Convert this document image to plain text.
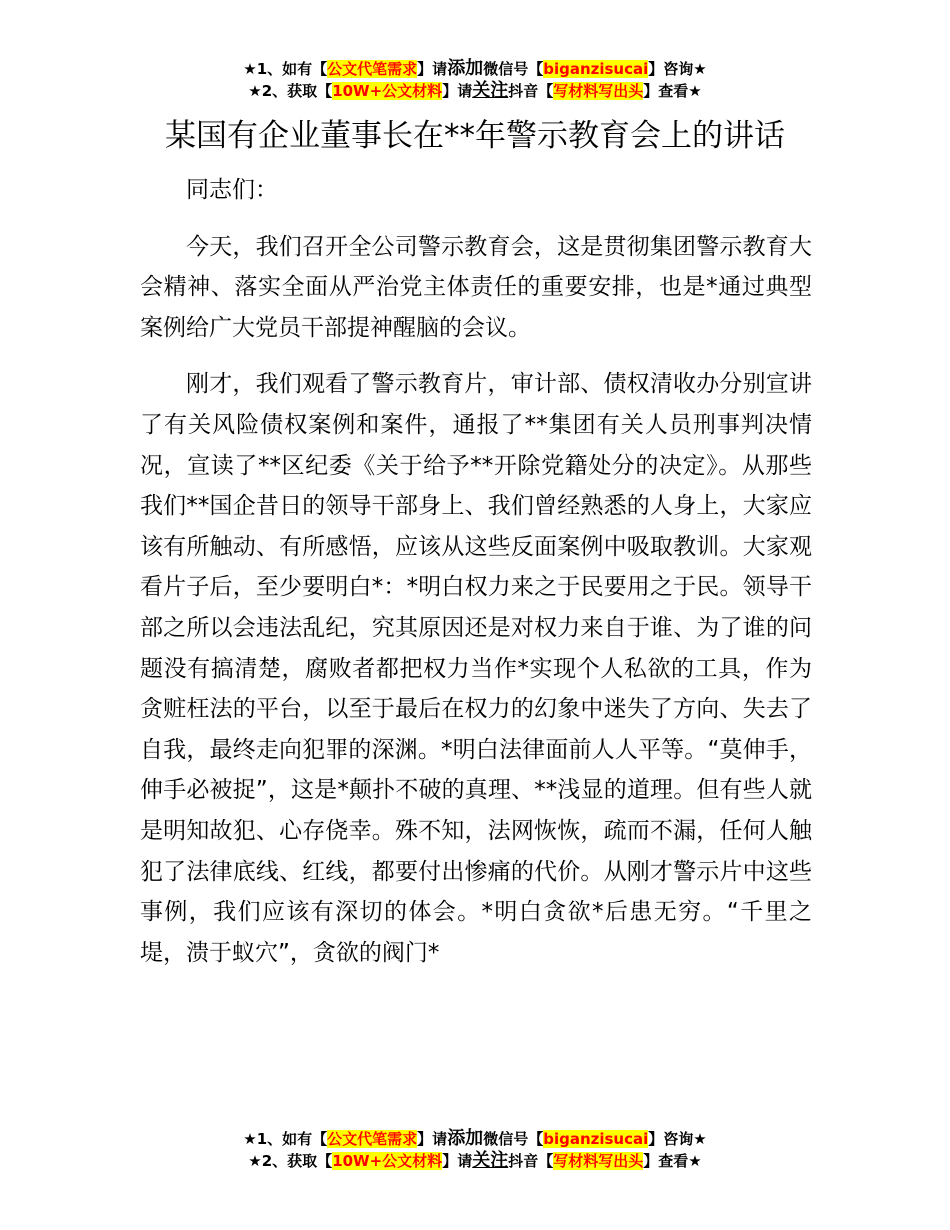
★1、如有【公文代笔需求】请添加微信号【biganzisucai】咨询★
★2、获取【10W+公文材料】请关注抖音【写材料写出头】查看★
某国有企业董事长在**年警示教育会上的讲话

同志们：

今天，我们召开全公司警示教育会，这是贯彻集团警示教育大会精神、落实全面从严治党主体责任的重要安排，也是*通过典型案例给广大党员干部提神醒脑的会议。

刚才，我们观看了警示教育片，审计部、债权清收办分别宣讲了有关风险债权案例和案件，通报了**集团有关人员刑事判决情况，宣读了**区纪委《关于给予**开除党籍处分的决定》。从那些我们**国企昔日的领导干部身上、我们曾经熟悉的人身上，大家应该有所触动、有所感悟，应该从这些反面案例中吸取教训。大家观看片子后，至少要明白*：*明白权力来之于民要用之于民。领导干部之所以会违法乱纪，究其原因还是对权力来自于谁、为了谁的问题没有搞清楚，腐败者都把权力当作*实现个人私欲的工具，作为贪赃枉法的平台，以至于最后在权力的幻象中迷失了方向、失去了自我，最终走向犯罪的深渊。*明白法律面前人人平等。“莫伸手，伸手必被捉”，这是*颠扑不破的真理、**浅显的道理。但有些人就是明知故犯、心存侥幸。殊不知，法网恢恢，疏而不漏，任何人触犯了法律底线、红线，都要付出惨痛的代价。从刚才警示片中这些事例，我们应该有深切的体会。*明白贪欲*后患无穷。“千里之堤，溃于蚁穴”，贪欲的阀门*

★1、如有【公文代笔需求】请添加微信号【biganzisucai】咨询★
★2、获取【10W+公文材料】请关注抖音【写材料写出头】查看★
